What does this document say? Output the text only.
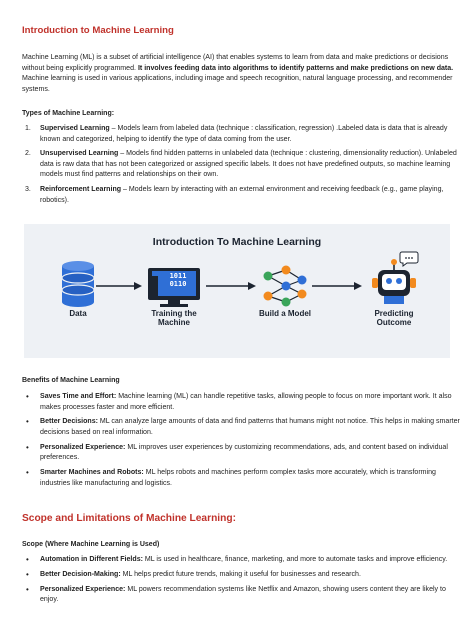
Introduction to Machine Learning
Machine Learning (ML) is a subset of artificial intelligence (AI) that enables systems to learn from data and make predictions or decisions without being explicitly programmed. It involves feeding data into algorithms to identify patterns and make predictions on new data. Machine learning is used in various applications, including image and speech recognition, natural language processing, and recommender systems.
Types of Machine Learning:
1. Supervised Learning – Models learn from labeled data (technique : classification, regression) .Labeled data is data that is already known and categorized, helping to identify the type of data coming from the user.
2. Unsupervised Learning – Models find hidden patterns in unlabeled data (technique : clustering, dimensionality reduction). Unlabeled data is raw data that has not been categorized or assigned specific labels. It does not have predefined outputs, so machine learning models must find patterns and relationships on their own.
3. Reinforcement Learning – Models learn by interacting with an external environment and receiving feedback (e.g., game playing, robotics).
Introduction To Machine Learning
1011
0110
Data	Training the Machine
Build a Model	Predicting Outcome
Benefits of Machine Learning
• Saves Time and Effort: Machine learning (ML) can handle repetitive tasks, allowing people to focus on more important work. It also makes processes faster and more efficient.
• Better Decisions: ML can analyze large amounts of data and find patterns that humans might not notice. This helps in making smarter decisions based on real information.
• Personalized Experience: ML improves user experiences by customizing recommendations, ads, and content based on individual preferences.
• Smarter Machines and Robots: ML helps robots and machines perform complex tasks more accurately, which is transforming industries like manufacturing and logistics.
Scope and Limitations of Machine Learning:
Scope (Where Machine Learning is Used)
• Automation in Different Fields: ML is used in healthcare, finance, marketing, and more to automate tasks and improve efficiency.
• Better Decision-Making: ML helps predict future trends, making it useful for businesses and research.
• Personalized Experience: ML powers recommendation systems like Netflix and Amazon, showing users content they are likely to enjoy.
